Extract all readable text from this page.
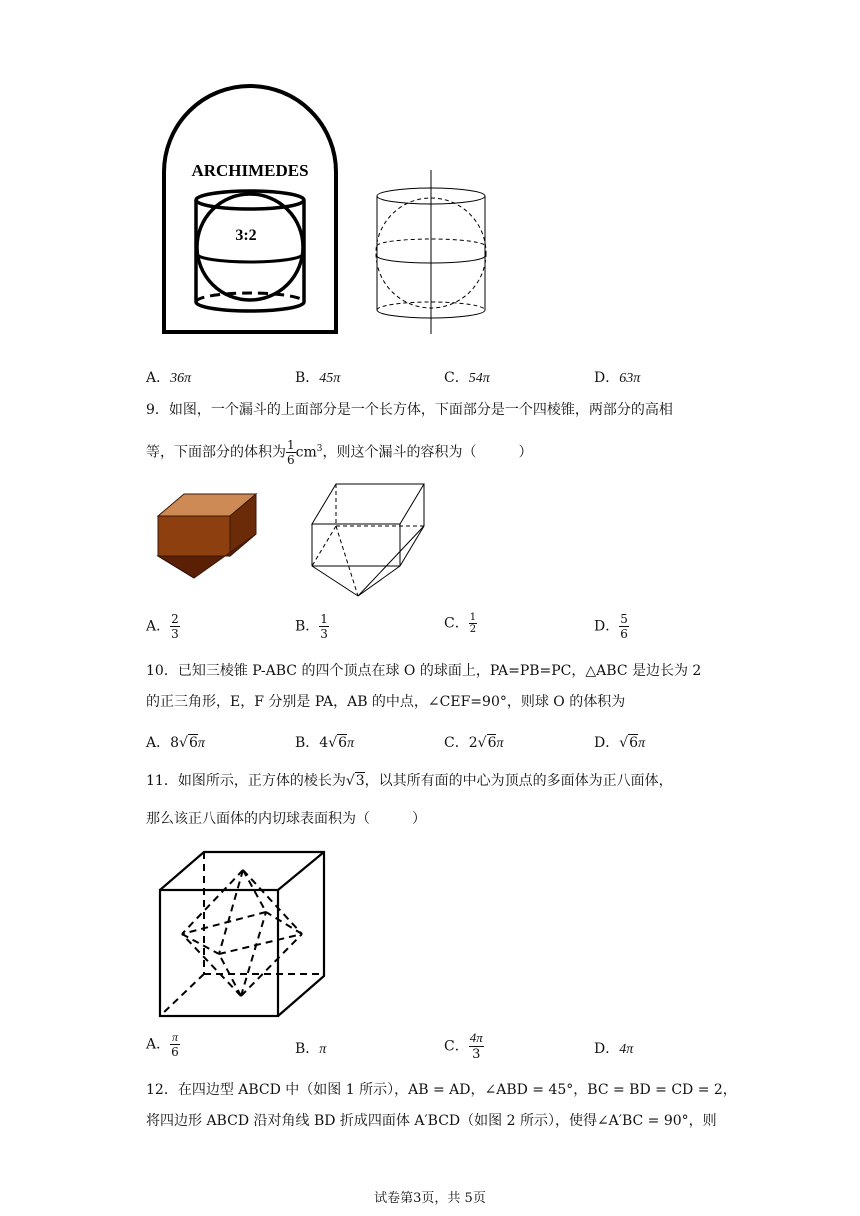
ARCHIMEDES
3:2
A．36π	B．45π	C．54π	D．63π
9．如图，一个漏斗的上面部分是一个长方体，下面部分是一个四棱锥，两部分的高相
等，下面部分的体积为 $\frac{1}{6} cm^3$，则这个漏斗的容积为（　　　）
A． $\frac{2}{3}$	B． $\frac{1}{3}$	C． $\frac{1}{2}$	D． $\frac{5}{6}$
10．已知三棱锥 P-ABC 的四个顶点在球 O 的球面上，PA=PB=PC，△ABC 是边长为 2
的正三角形，E，F 分别是 PA，AB 的中点，∠CEF=90°，则球 O 的体积为
A．8√6π	B．4√6π	C．2√6π	D．√6π
11．如图所示，正方体的棱长为√3，以其所有面的中心为顶点的多面体为正八面体，
那么该正八面体的内切球表面积为（　　　）
A． $\frac{\pi}{6}$	B．π	C． $\frac{4\pi}{3}$	D．4π
12．在四边型 ABCD 中（如图 1 所示），AB = AD，∠ABD = 45°，BC = BD = CD = 2，
将四边形 ABCD 沿对角线 BD 折成四面体 A′BCD（如图 2 所示），使得∠A′BC = 90°，则
试卷第3页，共 5页
